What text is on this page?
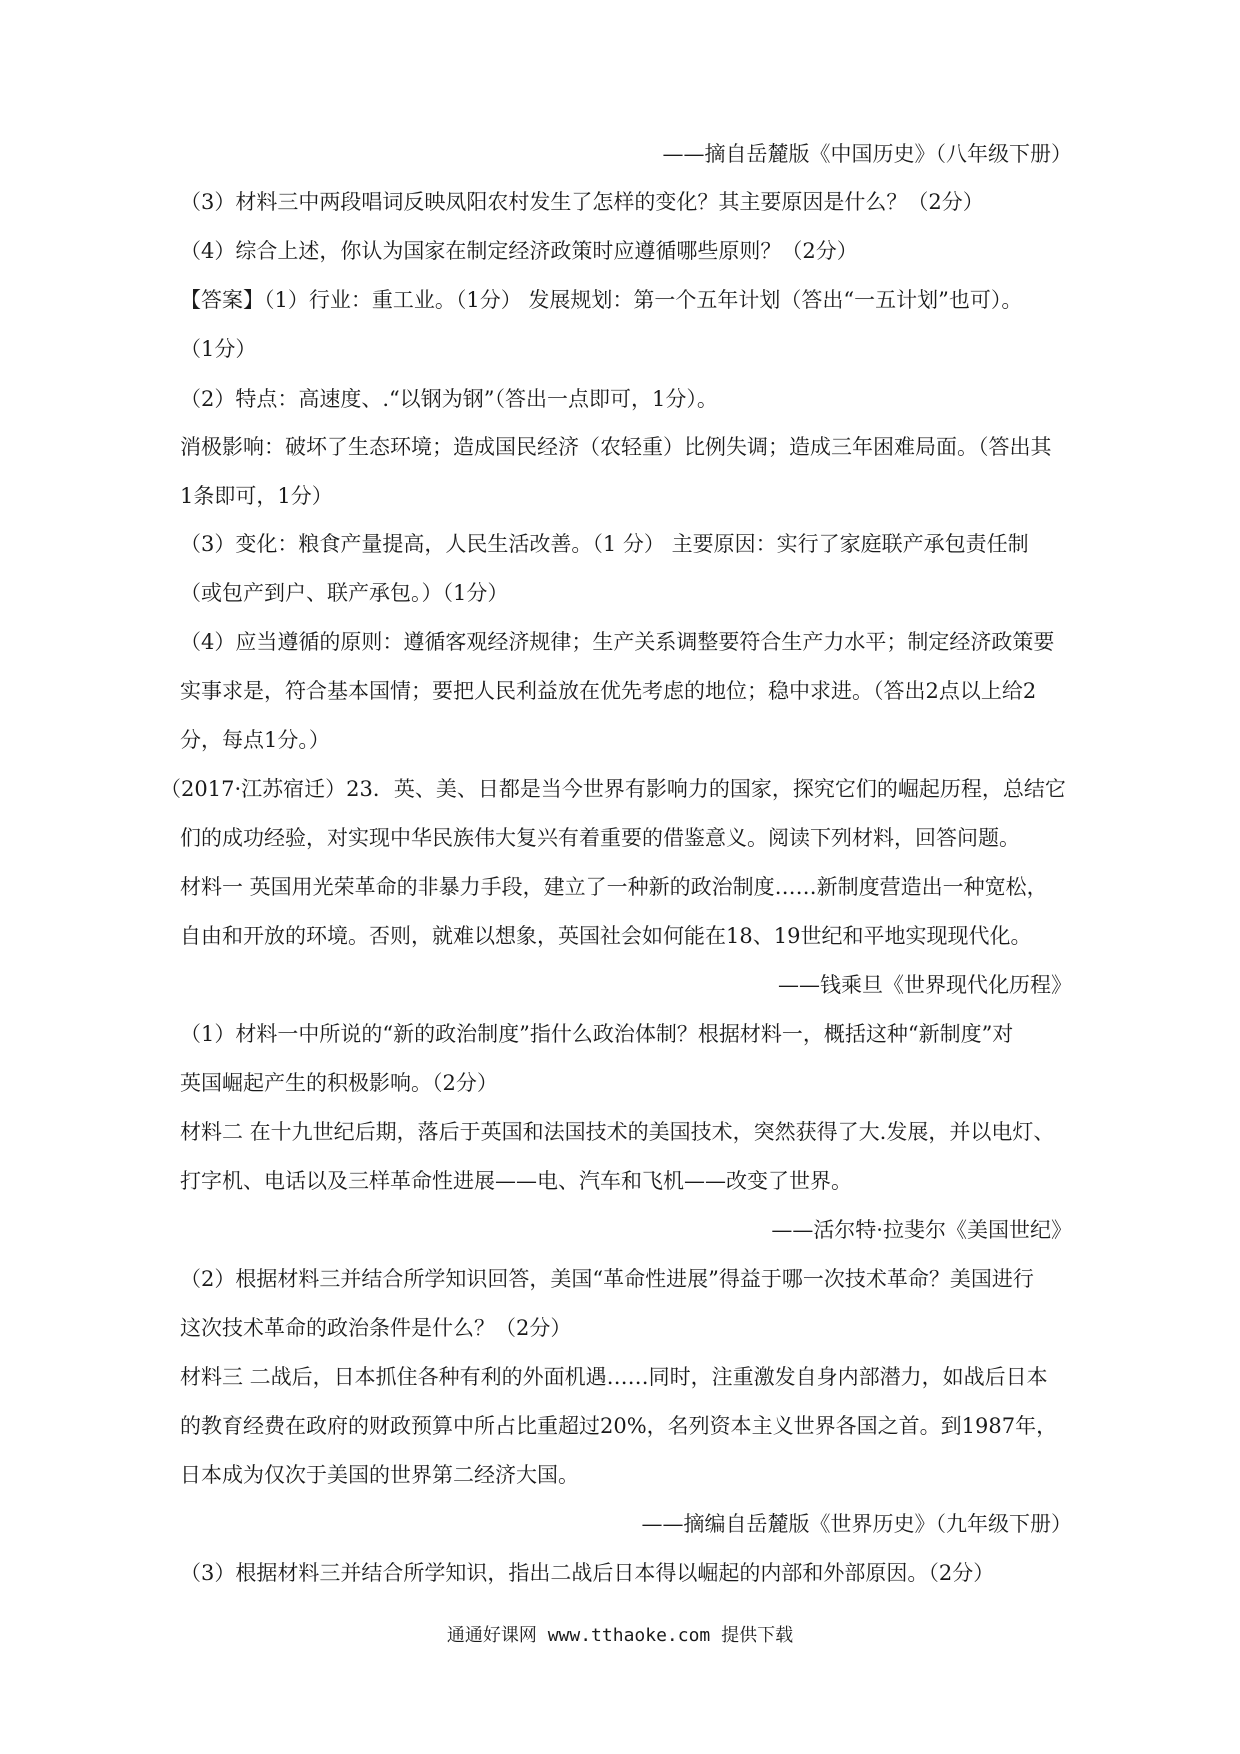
——摘自岳麓版《中国历史》（八年级下册）
（3）材料三中两段唱词反映凤阳农村发生了怎样的变化？其主要原因是什么？（2分）
（4）综合上述，你认为国家在制定经济政策时应遵循哪些原则？（2分）
【答案】（1）行业：重工业。（1分） 发展规划：第一个五年计划（答出“一五计划”也可）。
（1分）
（2）特点：高速度、.“以钢为钢”（答出一点即可，1分）。
消极影响：破坏了生态环境；造成国民经济（农轻重）比例失调；造成三年困难局面。（答出其
1条即可，1分）
（3）变化：粮食产量提高，人民生活改善。（1 分） 主要原因：实行了家庭联产承包责任制
（或包产到户、联产承包。）（1分）
（4）应当遵循的原则：遵循客观经济规律；生产关系调整要符合生产力水平；制定经济政策要
实事求是，符合基本国情；要把人民利益放在优先考虑的地位；稳中求进。（答出2点以上给2
分，每点1分。）
（2017·江苏宿迁）23．英、美、日都是当今世界有影响力的国家，探究它们的崛起历程，总结它
们的成功经验，对实现中华民族伟大复兴有着重要的借鉴意义。阅读下列材料，回答问题。
材料一 英国用光荣革命的非暴力手段，建立了一种新的政治制度……新制度营造出一种宽松，
自由和开放的环境。否则，就难以想象，英国社会如何能在18、19世纪和平地实现现代化。
——钱乘旦《世界现代化历程》
（1）材料一中所说的“新的政治制度”指什么政治体制？根据材料一，概括这种“新制度”对
英国崛起产生的积极影响。（2分）
材料二 在十九世纪后期，落后于英国和法国技术的美国技术，突然获得了大.发展，并以电灯、
打字机、电话以及三样革命性进展——电、汽车和飞机——改变了世界。
——活尔特·拉斐尔《美国世纪》
（2）根据材料三并结合所学知识回答，美国“革命性进展”得益于哪一次技术革命？美国进行
这次技术革命的政治条件是什么？（2分）
材料三 二战后，日本抓住各种有利的外面机遇……同时，注重激发自身内部潜力，如战后日本
的教育经费在政府的财政预算中所占比重超过20%，名列资本主义世界各国之首。到1987年，
日本成为仅次于美国的世界第二经济大国。
——摘编自岳麓版《世界历史》（九年级下册）
（3）根据材料三并结合所学知识，指出二战后日本得以崛起的内部和外部原因。（2分）
通通好课网 www.tthaoke.com 提供下载
